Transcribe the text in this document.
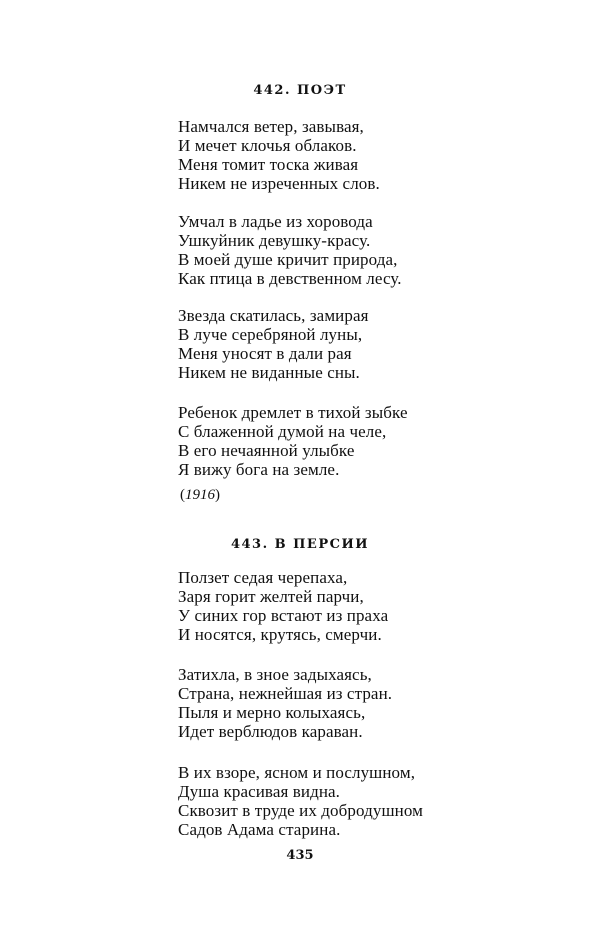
442. ПОЭТ
Намчался ветер, завывая,
И мечет клочья облаков.
Меня томит тоска живая
Никем не изреченных слов.
Умчал в ладье из хоровода
Ушкуйник девушку-красу.
В моей душе кричит природа,
Как птица в девственном лесу.
Звезда скатилась, замирая
В луче серебряной луны,
Меня уносят в дали рая
Никем не виданные сны.
Ребенок дремлет в тихой зыбке
С блаженной думой на челе,
В его нечаянной улыбке
Я вижу бога на земле.
(1916)
443. В ПЕРСИИ
Ползет седая черепаха,
Заря горит желтей парчи,
У синих гор встают из праха
И носятся, крутясь, смерчи.
Затихла, в зное задыхаясь,
Страна, нежнейшая из стран.
Пыля и мерно колыхаясь,
Идет верблюдов караван.
В их взоре, ясном и послушном,
Душа красивая видна.
Сквозит в труде их добродушном
Садов Адама старина.
435
